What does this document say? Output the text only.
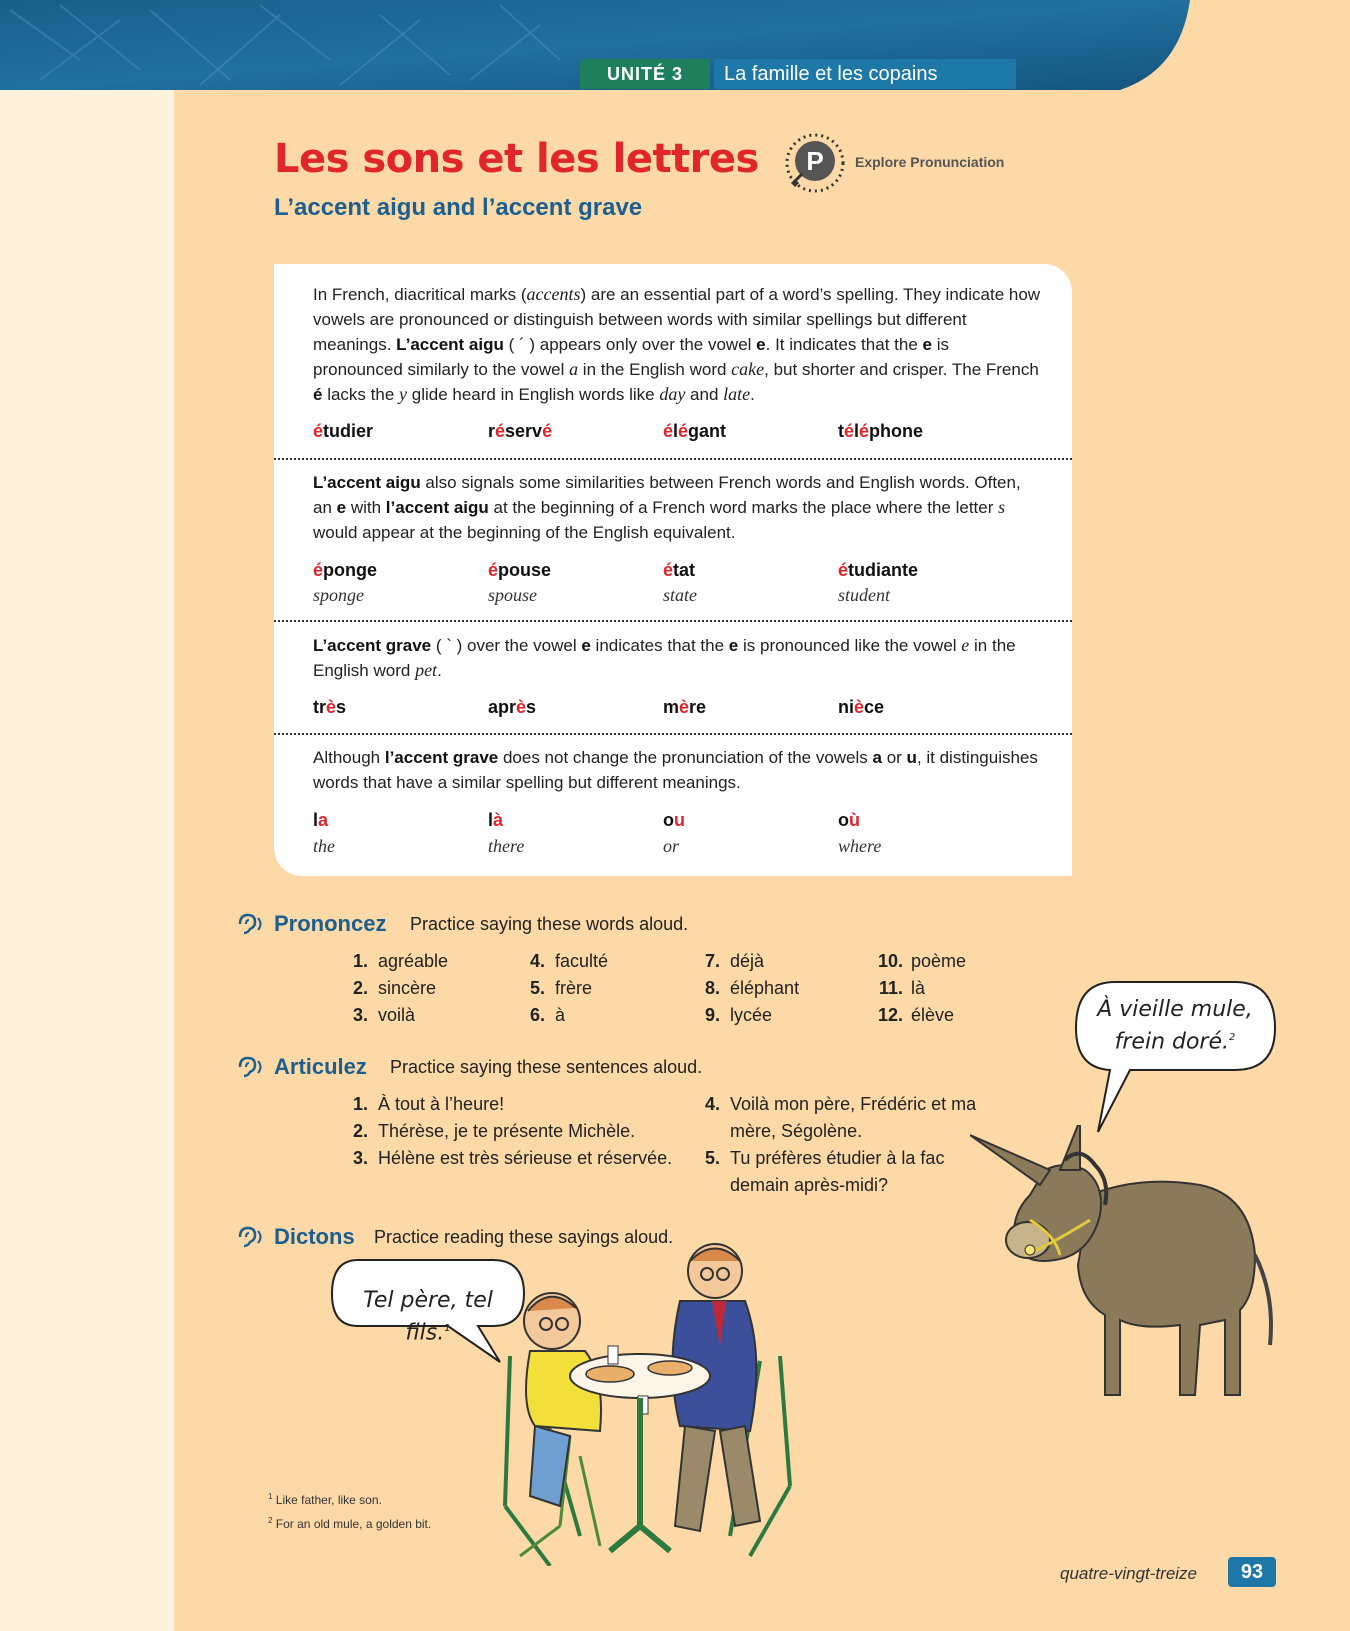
UNITÉ 3	La famille et les copains
Les sons et les lettres
L’accent aigu and l’accent grave
P Explore Pronunciation
In French, diacritical marks (accents) are an essential part of a word’s spelling. They indicate how vowels are pronounced or distinguish between words with similar spellings but different meanings. L’accent aigu ( ´ ) appears only over the vowel e. It indicates that the e is pronounced similarly to the vowel a in the English word cake, but shorter and crisper. The French é lacks the y glide heard in English words like day and late.
étudier	réservé	élégant	téléphone
L’accent aigu also signals some similarities between French words and English words. Often, an e with l’accent aigu at the beginning of a French word marks the place where the letter s would appear at the beginning of the English equivalent.
éponge	épouse	état	étudiante
sponge	spouse	state	student
L’accent grave ( ` ) over the vowel e indicates that the e is pronounced like the vowel e in the English word pet.
très	après	mère	nièce
Although l’accent grave does not change the pronunciation of the vowels a or u, it distinguishes words that have a similar spelling but different meanings.
la	là	ou	où
the	there	or	where
Prononcez Practice saying these words aloud.
1. agréable
2. sincère
3. voilà
4. faculté
5. frère
6. à
7. déjà
8. éléphant
9. lycée
10. poème
11. là
12. élève
Articulez Practice saying these sentences aloud.
1. À tout à l’heure!
2. Thérèse, je te présente Michèle.
3. Hélène est très sérieuse et réservée.
4. Voilà mon père, Frédéric et ma
mère, Ségolène.
5. Tu préfères étudier à la fac
demain après-midi?
Dictons Practice reading these sayings aloud.
Tel père, tel fils.$^1$
À vieille mule,
frein doré.$^2$
$^1$ Like father, like son.
$^2$ For an old mule, a golden bit.
quatre-vingt-treize	93
